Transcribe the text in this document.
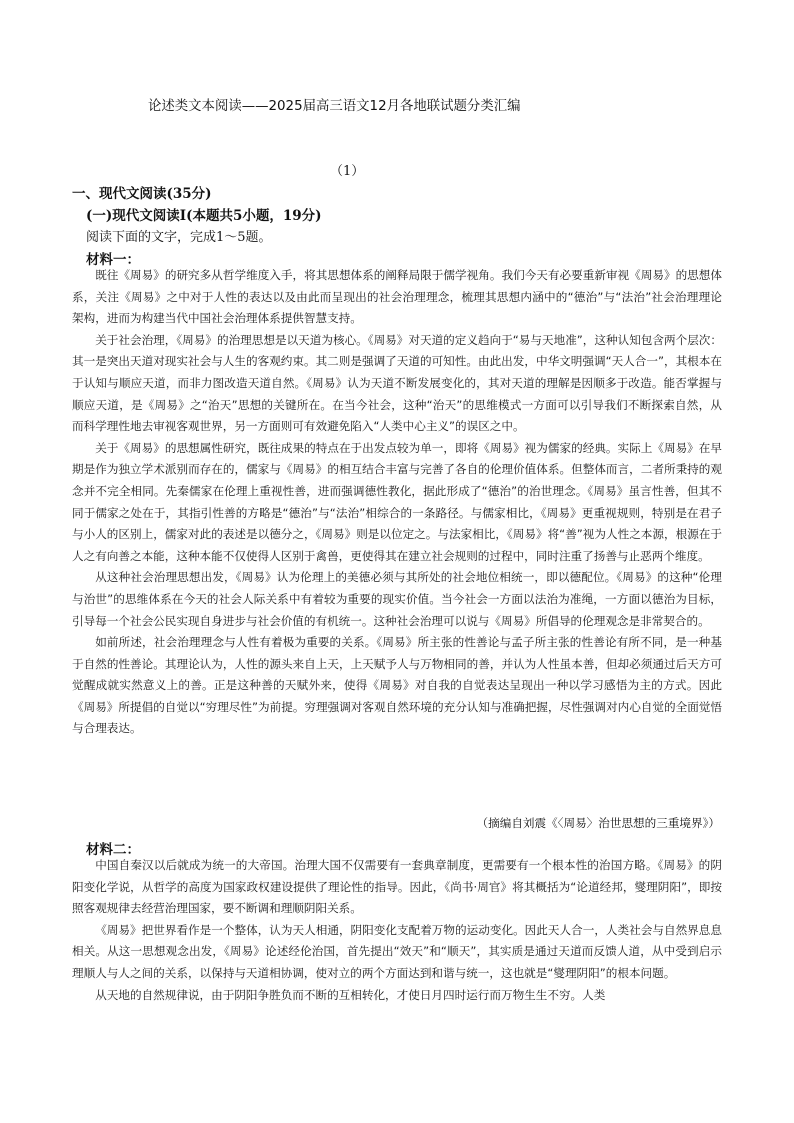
论述类文本阅读——2025届高三语文12月各地联试题分类汇编
（1）
一、现代文阅读(35分)
(一)现代文阅读I(本题共5小题，19分)
阅读下面的文字，完成1～5题。
材料一：

既往《周易》的研究多从哲学维度入手，将其思想体系的阐释局限于儒学视角。我们今天有必要重新审视《周易》的思想体系，关注《周易》之中对于人性的表达以及由此而呈现出的社会治理理念，梳理其思想内涵中的“德治”与“法治”社会治理理论架构，进而为构建当代中国社会治理体系提供智慧支持。

关于社会治理，《周易》的治理思想是以天道为核心。《周易》对天道的定义趋向于“易与天地准”，这种认知包含两个层次：其一是突出天道对现实社会与人生的客观约束。其二则是强调了天道的可知性。由此出发，中华文明强调“天人合一”，其根本在于认知与顺应天道，而非力图改造天道自然。《周易》认为天道不断发展变化的，其对天道的理解是因顺多于改造。能否掌握与顺应天道，是《周易》之“治天”思想的关键所在。在当今社会，这种“治天”的思维模式一方面可以引导我们不断探索自然，从而科学理性地去审视客观世界，另一方面则可有效避免陷入“人类中心主义”的误区之中。

关于《周易》的思想属性研究，既往成果的特点在于出发点较为单一，即将《周易》视为儒家的经典。实际上《周易》在早期是作为独立学术派别而存在的，儒家与《周易》的相互结合丰富与完善了各自的伦理价值体系。但整体而言，二者所秉持的观念并不完全相同。先秦儒家在伦理上重视性善，进而强调德性教化，据此形成了“德治”的治世理念。《周易》虽言性善，但其不同于儒家之处在于，其指引性善的方略是“德治”与“法治”相综合的一条路径。与儒家相比，《周易》更重视规则，特别是在君子与小人的区别上，儒家对此的表述是以德分之，《周易》则是以位定之。与法家相比，《周易》将“善”视为人性之本源，根源在于人之有向善之本能，这种本能不仅使得人区别于禽兽，更使得其在建立社会规则的过程中，同时注重了扬善与止恶两个维度。

从这种社会治理思想出发，《周易》认为伦理上的美德必须与其所处的社会地位相统一，即以德配位。《周易》的这种“伦理与治世”的思维体系在今天的社会人际关系中有着较为重要的现实价值。当今社会一方面以法治为准绳，一方面以德治为目标，引导每一个社会公民实现自身进步与社会价值的有机统一。这种社会治理可以说与《周易》所倡导的伦理观念是非常契合的。

如前所述，社会治理理念与人性有着极为重要的关系。《周易》所主张的性善论与孟子所主张的性善论有所不同，是一种基于自然的性善论。其理论认为，人性的源头来自上天，上天赋予人与万物相同的善，并认为人性虽本善，但却必须通过后天方可觉醒成就实然意义上的善。正是这种善的天赋外来，使得《周易》对自我的自觉表达呈现出一种以学习感悟为主的方式。因此《周易》所提倡的自觉以“穷理尽性”为前提。穷理强调对客观自然环境的充分认知与准确把握，尽性强调对内心自觉的全面觉悟与合理表达。

（摘编自刘震《〈周易〉治世思想的三重境界》）
材料二：

中国自秦汉以后就成为统一的大帝国。治理大国不仅需要有一套典章制度，更需要有一个根本性的治国方略。《周易》的阴阳变化学说，从哲学的高度为国家政权建设提供了理论性的指导。因此，《尚书·周官》将其概括为“论道经邦，燮理阴阳”，即按照客观规律去经营治理国家，要不断调和理顺阴阳关系。

《周易》把世界看作是一个整体，认为天人相通，阴阳变化支配着万物的运动变化。因此天人合一，人类社会与自然界息息相关。从这一思想观念出发，《周易》论述经伦治国，首先提出“效天”和“顺天”，其实质是通过天道而反馈人道，从中受到启示理顺人与人之间的关系，以保持与天道相协调，使对立的两个方面达到和谐与统一，这也就是“燮理阴阳”的根本问题。

从天地的自然规律说，由于阴阳争胜负而不断的互相转化，才使日月四时运行而万物生生不穷。人类
